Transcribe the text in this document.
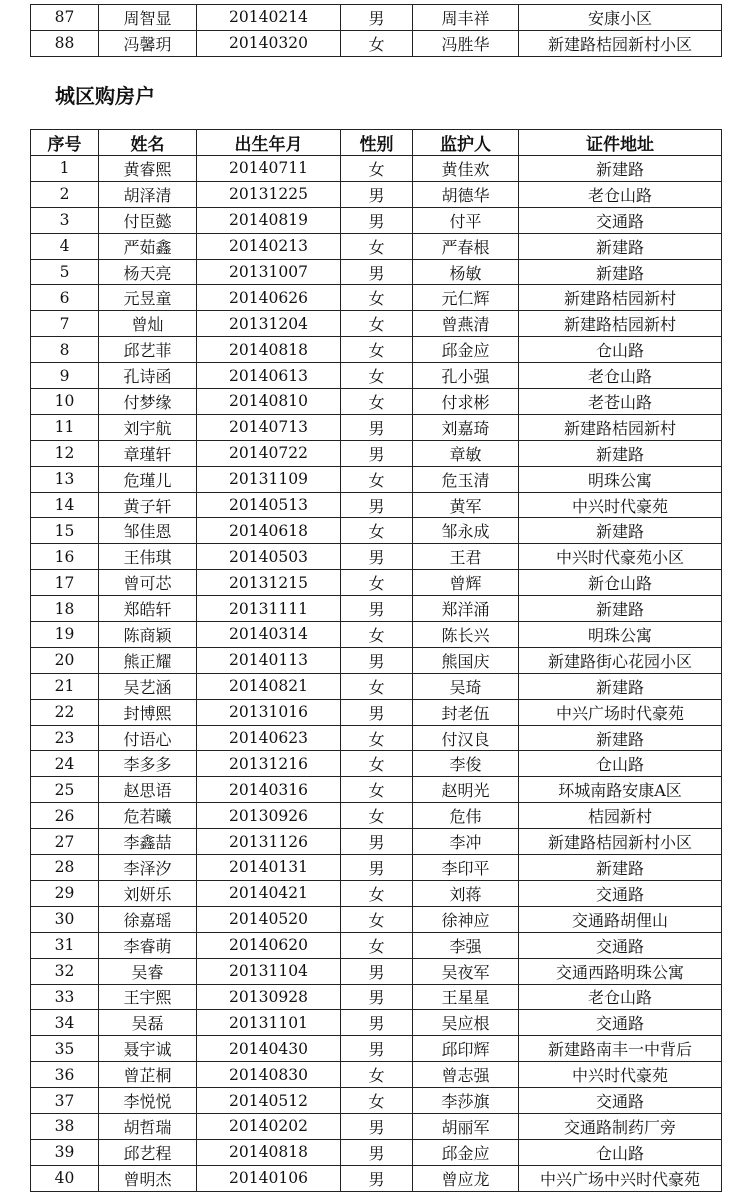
87	周智显	20140214	男	周丰祥	安康小区
88	冯馨玥	20140320	女	冯胜华	新建路桔园新村小区
城区购房户
序号	姓名	出生年月	性别	监护人	证件地址
1	黄睿熙	20140711	女	黄佳欢	新建路
2	胡泽清	20131225	男	胡德华	老仓山路
3	付臣懿	20140819	男	付平	交通路
4	严茹鑫	20140213	女	严春根	新建路
5	杨天亮	20131007	男	杨敏	新建路
6	元昱童	20140626	女	元仁辉	新建路桔园新村
7	曾灿	20131204	女	曾燕清	新建路桔园新村
8	邱艺菲	20140818	女	邱金应	仓山路
9	孔诗函	20140613	女	孔小强	老仓山路
10	付梦缘	20140810	女	付求彬	老苍山路
11	刘宇航	20140713	男	刘嘉琦	新建路桔园新村
12	章瑾轩	20140722	男	章敏	新建路
13	危瑾儿	20131109	女	危玉清	明珠公寓
14	黄子轩	20140513	男	黄军	中兴时代豪苑
15	邹佳恩	20140618	女	邹永成	新建路
16	王伟琪	20140503	男	王君	中兴时代豪苑小区
17	曾可芯	20131215	女	曾辉	新仓山路
18	郑皓轩	20131111	男	郑洋涌	新建路
19	陈商颖	20140314	女	陈长兴	明珠公寓
20	熊正耀	20140113	男	熊国庆	新建路街心花园小区
21	吴艺涵	20140821	女	吴琦	新建路
22	封博熙	20131016	男	封老伍	中兴广场时代豪苑
23	付语心	20140623	女	付汉良	新建路
24	李多多	20131216	女	李俊	仓山路
25	赵思语	20140316	女	赵明光	环城南路安康A区
26	危若曦	20130926	女	危伟	桔园新村
27	李鑫喆	20131126	男	李冲	新建路桔园新村小区
28	李泽汐	20140131	男	李印平	新建路
29	刘妍乐	20140421	女	刘蒋	交通路
30	徐嘉瑶	20140520	女	徐神应	交通路胡俚山
31	李睿萌	20140620	女	李强	交通路
32	吴睿	20131104	男	吴夜军	交通西路明珠公寓
33	王宇熙	20130928	男	王星星	老仓山路
34	吴磊	20131101	男	吴应根	交通路
35	聂宇诚	20140430	男	邱印辉	新建路南丰一中背后
36	曾芷桐	20140830	女	曾志强	中兴时代豪苑
37	李悦悦	20140512	女	李莎旗	交通路
38	胡哲瑞	20140202	男	胡丽军	交通路制药厂旁
39	邱艺程	20140818	男	邱金应	仓山路
40	曾明杰	20140106	男	曾应龙	中兴广场中兴时代豪苑
